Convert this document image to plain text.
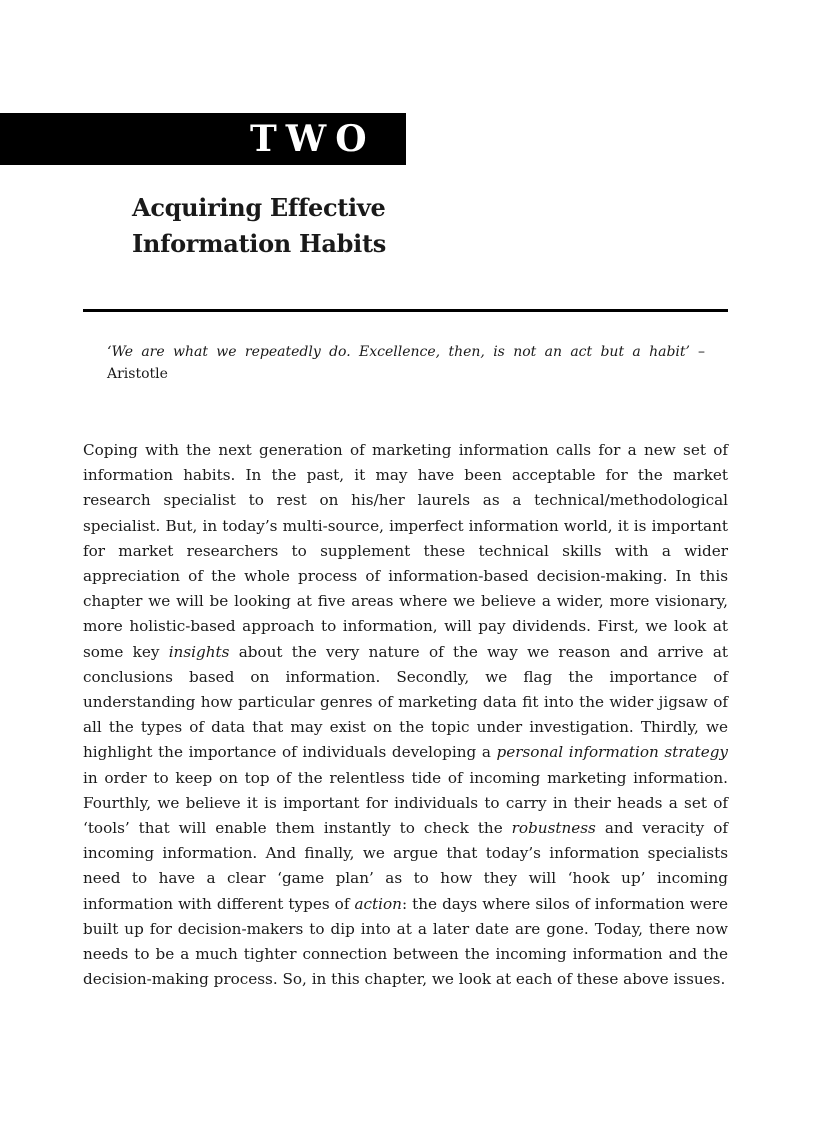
TWO
Acquiring Effective
Information Habits

‘We are what we repeatedly do. Excellence, then, is not an act but a habit’ – Aristotle

Coping with the next generation of marketing information calls for a new set of information habits. In the past, it may have been acceptable for the market research specialist to rest on his/her laurels as a technical/methodological specialist. But, in today’s multi-source, imperfect information world, it is important for market researchers to supplement these technical skills with a wider appreciation of the whole process of information-based decision-making. In this chapter we will be looking at five areas where we believe a wider, more visionary, more holistic-based approach to information, will pay dividends. First, we look at some key insights about the very nature of the way we reason and arrive at conclusions based on information. Secondly, we flag the importance of understanding how particular genres of marketing data fit into the wider jigsaw of all the types of data that may exist on the topic under investigation. Thirdly, we highlight the importance of individuals developing a personal information strategy in order to keep on top of the relentless tide of incoming marketing information. Fourthly, we believe it is important for individuals to carry in their heads a set of ‘tools’ that will enable them instantly to check the robustness and veracity of incoming information. And finally, we argue that today’s information specialists need to have a clear ‘game plan’ as to how they will ‘hook up’ incoming information with different types of action: the days where silos of information were built up for decision-makers to dip into at a later date are gone. Today, there now needs to be a much tighter connection between the incoming information and the decision-making process. So, in this chapter, we look at each of these above issues.
